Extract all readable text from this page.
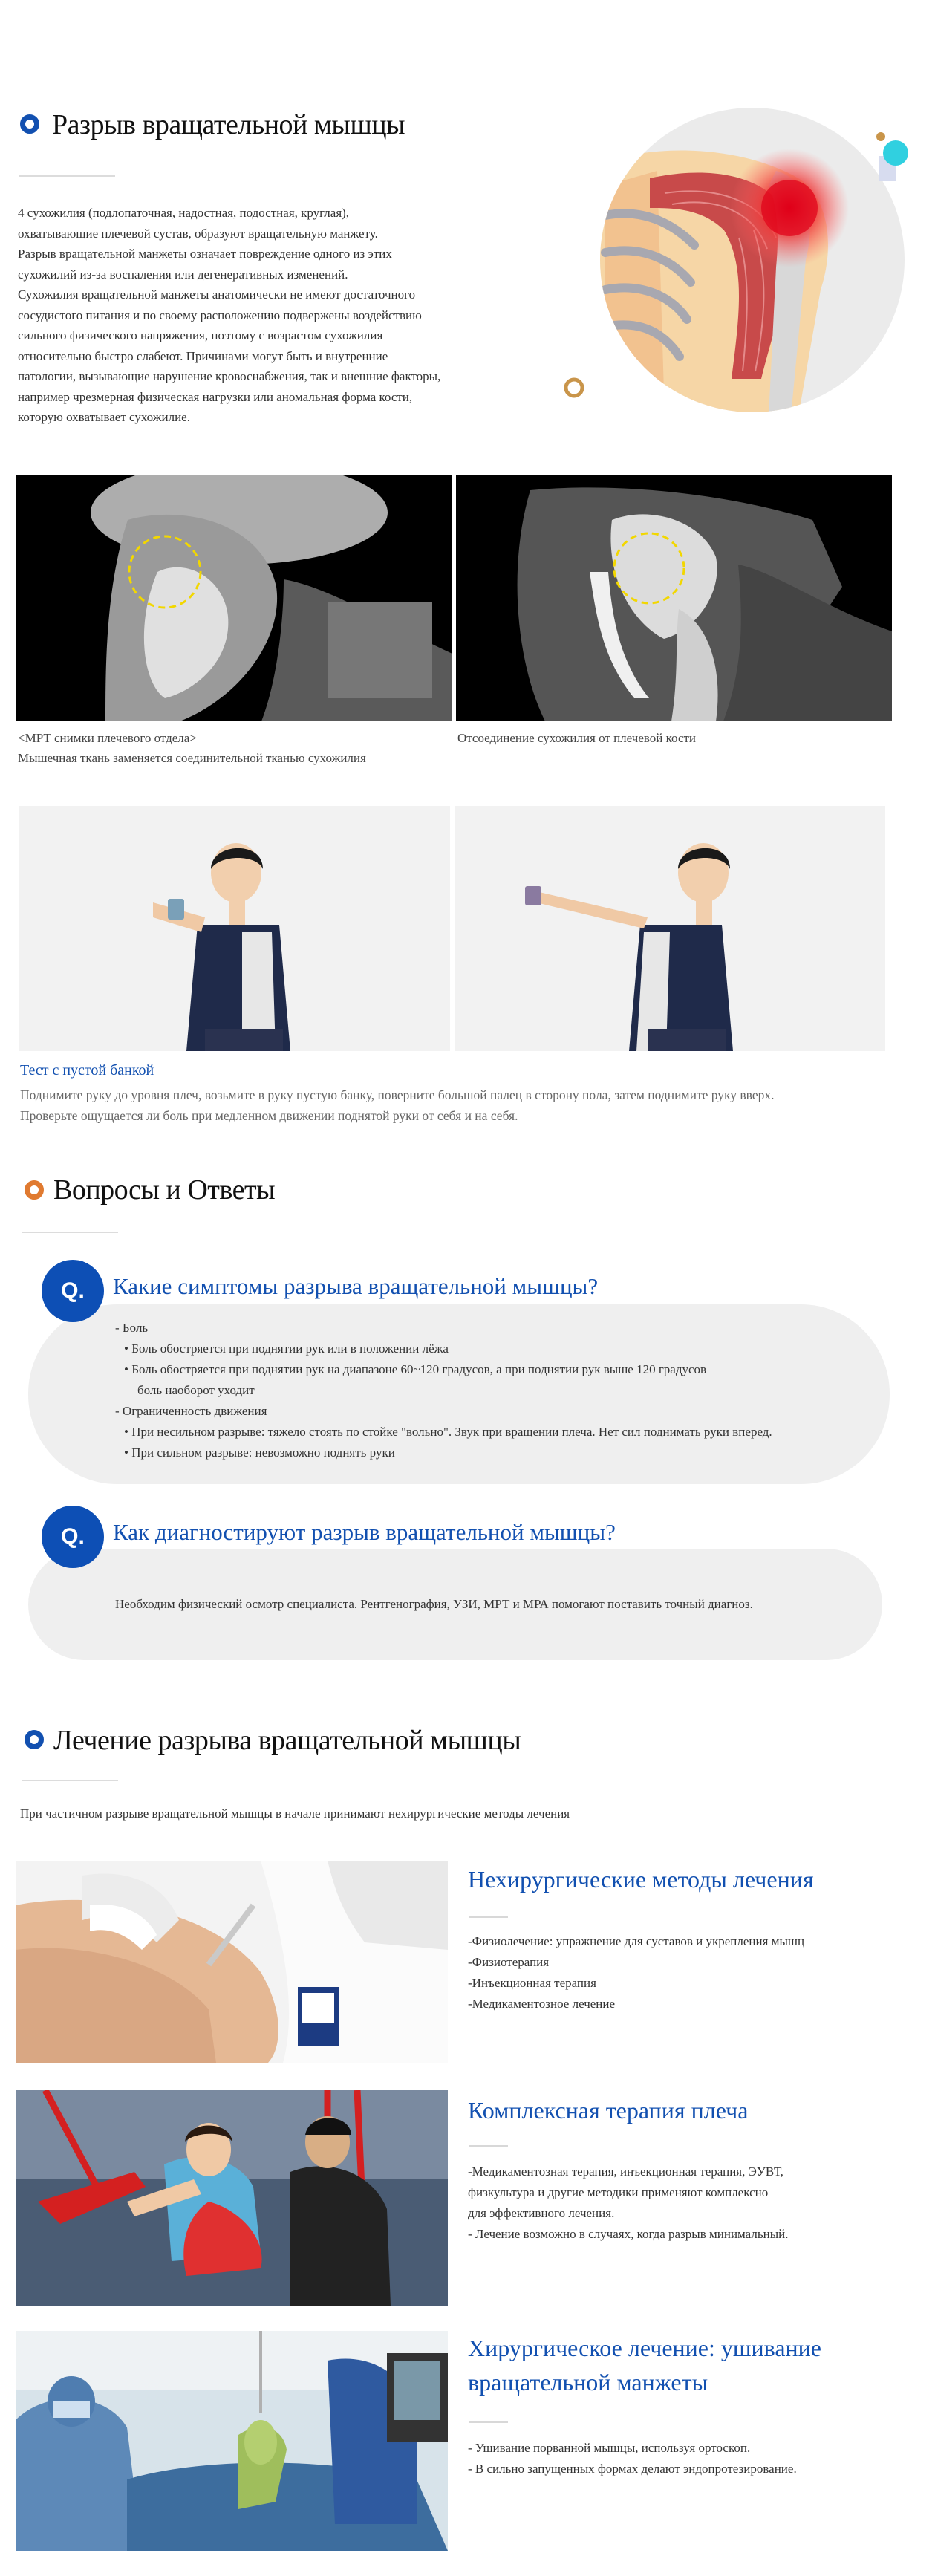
Разрыв вращательной мышцы
4 сухожилия (подлопаточная, надостная, подостная, круглая),
охватывающие плечевой сустав, образуют вращательную манжету.
Разрыв вращательной манжеты означает повреждение одного из этих
сухожилий из-за воспаления или дегенеративных изменений.
Сухожилия вращательной манжеты анатомически не имеют достаточного
сосудистого питания и по своему расположению подвержены воздействию
сильного физического напряжения, поэтому с возрастом сухожилия
относительно быстро слабеют. Причинами могут быть и внутренние
патологии, вызывающие нарушение кровоснабжения, так и внешние факторы,
например чрезмерная физическая нагрузки или аномальная форма кости,
которую охватывает сухожилие.
<МРТ снимки плечевого отдела>
Мышечная ткань заменяется соединительной тканью сухожилия
Отсоединение сухожилия от плечевой кости
Тест с пустой банкой
Поднимите руку до уровня плеч, возьмите в руку пустую банку, поверните большой палец в сторону пола, затем поднимите руку вверх.
Проверьте ощущается ли боль при медленном движении поднятой руки от себя и на себя.
Вопросы и Ответы
Q.	Какие симптомы разрыва вращательной мышцы?
- Боль
• Боль обостряется при поднятии рук или в положении лёжа
• Боль обостряется при поднятии рук на диапазоне 60~120 градусов, а при поднятии рук выше 120 градусов боль наоборот уходит
- Ограниченность движения
• При несильном разрыве: тяжело стоять по стойке "вольно". Звук при вращении плеча. Нет сил поднимать руки вперед.
• При сильном разрыве: невозможно поднять руки
Q.	Как диагностируют разрыв вращательной мышцы?
Необходим физический осмотр специалиста. Рентгенография, УЗИ, МРТ и МРА помогают поставить точный диагноз.
Лечение разрыва вращательной мышцы
При частичном разрыве вращательной мышцы в начале принимают нехирургические методы лечения
Нехирургические методы лечения
-Физиолечение: упражнение для суставов и укрепления мышц
-Физиотерапия
-Инъекционная терапия
-Медикаментозное лечение
Комплексная терапия плеча
-Медикаментозная терапия, инъекционная терапия, ЭУВТ,
физкультура и другие методики применяют комплексно
для эффективного лечения.
- Лечение возможно в случаях, когда разрыв минимальный.
Хирургическое лечение: ушивание
вращательной манжеты
- Ушивание порванной мышцы, используя ортоскоп.
- В сильно запущенных формах делают эндопротезирование.
